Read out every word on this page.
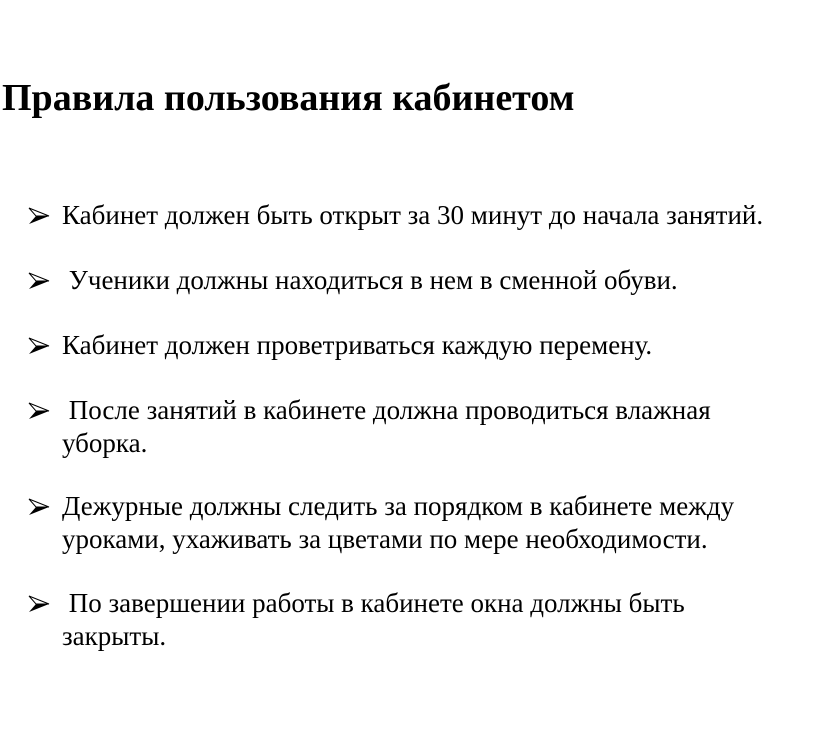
Правила пользования кабинетом
Кабинет должен быть открыт за 30 минут до начала занятий.
Ученики должны находиться в нем в сменной обуви.
Кабинет должен проветриваться каждую перемену.
После занятий в кабинете должна проводиться влажная уборка.
Дежурные должны следить за порядком в кабинете между уроками, ухаживать за цветами по мере необходимости.
По завершении работы в кабинете окна должны быть закрыты.
